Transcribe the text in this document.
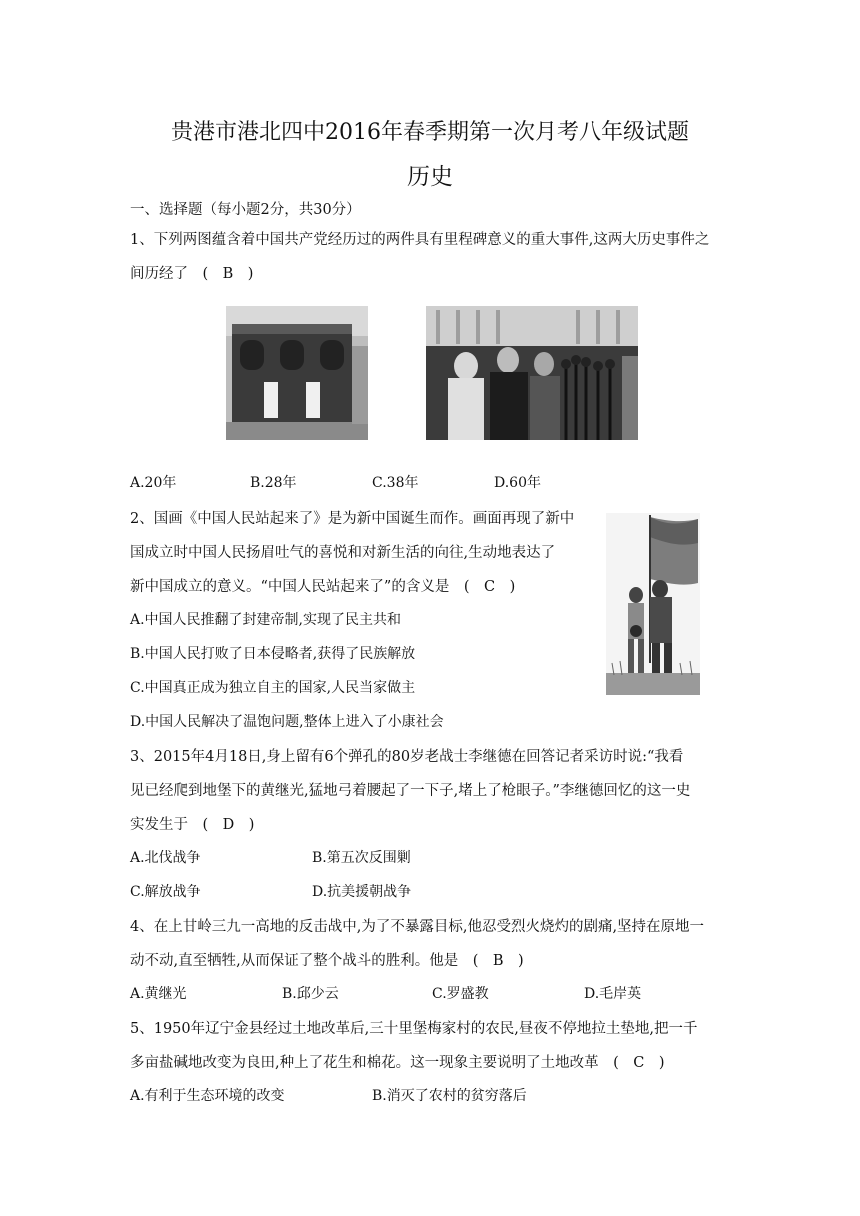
贵港市港北四中2016年春季期第一次月考八年级试题
历史
一、选择题（每小题2分，共30分）
1、下列两图蕴含着中国共产党经历过的两件具有里程碑意义的重大事件,这两大历史事件之
间历经了　(　B　)
A.20年	B.28年	C.38年	D.60年
2、国画《中国人民站起来了》是为新中国诞生而作。画面再现了新中
国成立时中国人民扬眉吐气的喜悦和对新生活的向往,生动地表达了
新中国成立的意义。“中国人民站起来了”的含义是　(　C　)
A.中国人民推翻了封建帝制,实现了民主共和
B.中国人民打败了日本侵略者,获得了民族解放
C.中国真正成为独立自主的国家,人民当家做主
D.中国人民解决了温饱问题,整体上进入了小康社会
3、2015年4月18日,身上留有6个弹孔的80岁老战士李继德在回答记者采访时说:“我看
见已经爬到地堡下的黄继光,猛地弓着腰起了一下子,堵上了枪眼子。”李继德回忆的这一史
实发生于　(　D　)
A.北伐战争	B.第五次反围剿
C.解放战争	D.抗美援朝战争
4、在上甘岭三九一高地的反击战中,为了不暴露目标,他忍受烈火烧灼的剧痛,坚持在原地一
动不动,直至牺牲,从而保证了整个战斗的胜利。他是　(　B　)
A.黄继光	B.邱少云	C.罗盛教	D.毛岸英
5、1950年辽宁金县经过土地改革后,三十里堡梅家村的农民,昼夜不停地拉土垫地,把一千
多亩盐碱地改变为良田,种上了花生和棉花。这一现象主要说明了土地改革　(　C　)
A.有利于生态环境的改变	B.消灭了农村的贫穷落后
